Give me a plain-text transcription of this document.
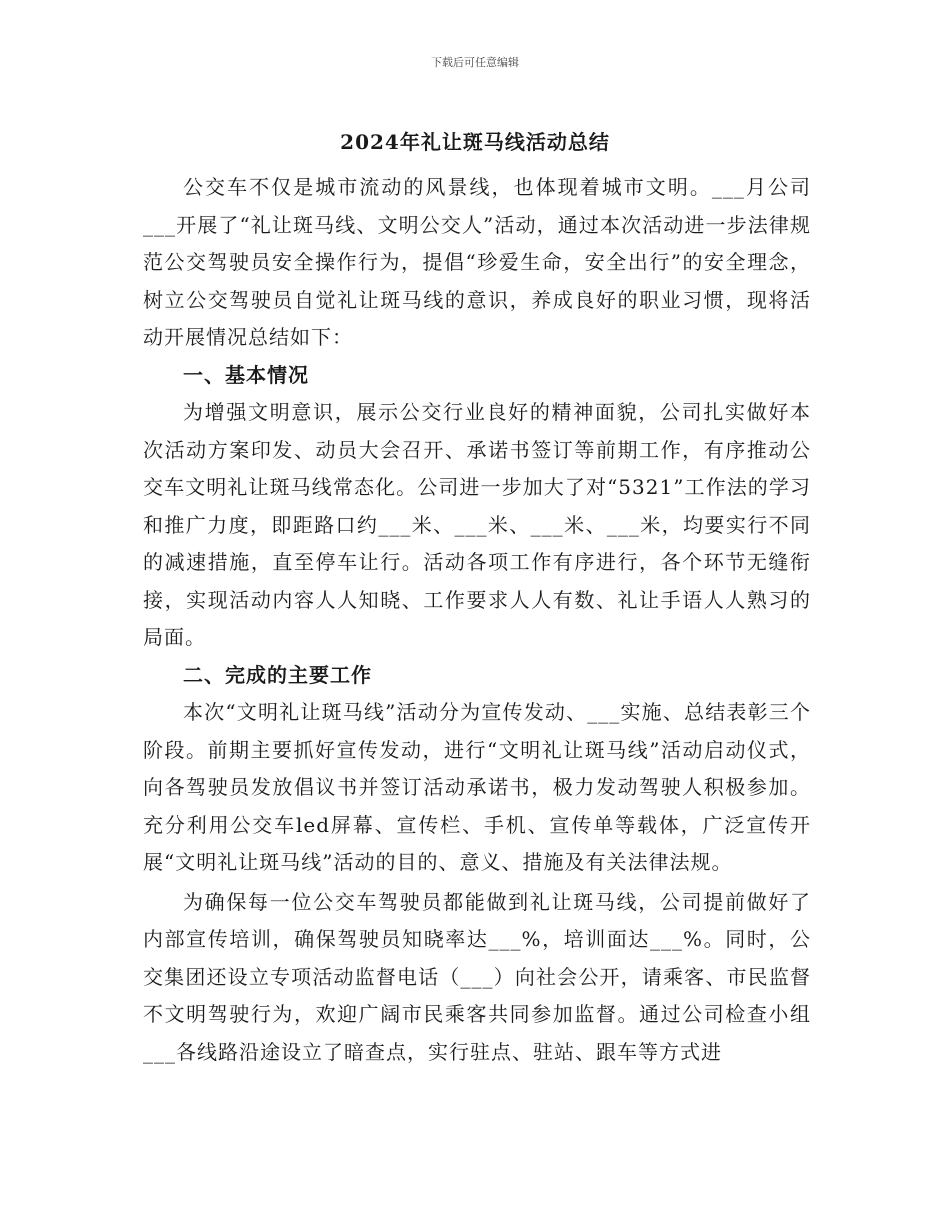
下载后可任意编辑
2024年礼让斑马线活动总结

公交车不仅是城市流动的风景线，也体现着城市文明。___月公司___开展了“礼让斑马线、文明公交人”活动，通过本次活动进一步法律规范公交驾驶员安全操作行为，提倡“珍爱生命，安全出行”的安全理念，树立公交驾驶员自觉礼让斑马线的意识，养成良好的职业习惯，现将活动开展情况总结如下：

一、基本情况

为增强文明意识，展示公交行业良好的精神面貌，公司扎实做好本次活动方案印发、动员大会召开、承诺书签订等前期工作，有序推动公交车文明礼让斑马线常态化。公司进一步加大了对“5321”工作法的学习和推广力度，即距路口约___米、___米、___米、___米，均要实行不同的减速措施，直至停车让行。活动各项工作有序进行，各个环节无缝衔接，实现活动内容人人知晓、工作要求人人有数、礼让手语人人熟习的局面。

二、完成的主要工作

本次“文明礼让斑马线”活动分为宣传发动、___实施、总结表彰三个阶段。前期主要抓好宣传发动，进行“文明礼让斑马线”活动启动仪式，向各驾驶员发放倡议书并签订活动承诺书，极力发动驾驶人积极参加。充分利用公交车led屏幕、宣传栏、手机、宣传单等载体，广泛宣传开展“文明礼让斑马线”活动的目的、意义、措施及有关法律法规。

为确保每一位公交车驾驶员都能做到礼让斑马线，公司提前做好了内部宣传培训，确保驾驶员知晓率达___%，培训面达___%。同时，公交集团还设立专项活动监督电话（___）向社会公开，请乘客、市民监督不文明驾驶行为，欢迎广阔市民乘客共同参加监督。通过公司检查小组___各线路沿途设立了暗查点，实行驻点、驻站、跟车等方式进
